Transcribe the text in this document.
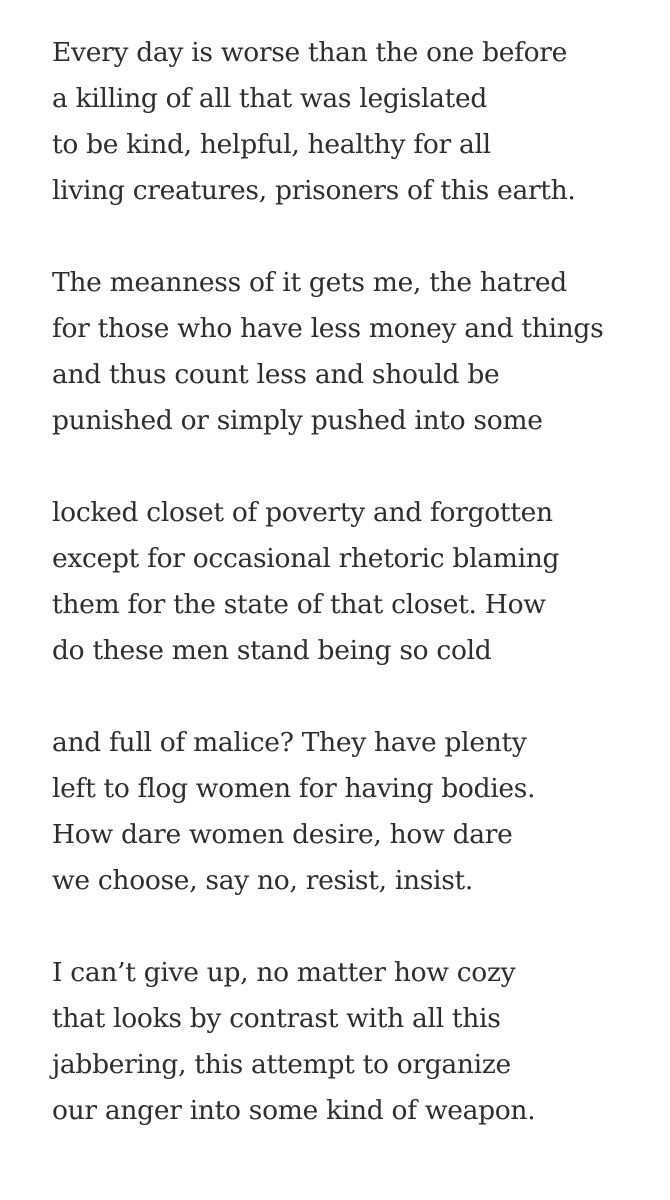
Every day is worse than the one before
a killing of all that was legislated
to be kind, helpful, healthy for all
living creatures, prisoners of this earth.
The meanness of it gets me, the hatred
for those who have less money and things
and thus count less and should be
punished or simply pushed into some
locked closet of poverty and forgotten
except for occasional rhetoric blaming
them for the state of that closet. How
do these men stand being so cold
and full of malice? They have plenty
left to flog women for having bodies.
How dare women desire, how dare
we choose, say no, resist, insist.
I can’t give up, no matter how cozy
that looks by contrast with all this
jabbering, this attempt to organize
our anger into some kind of weapon.
